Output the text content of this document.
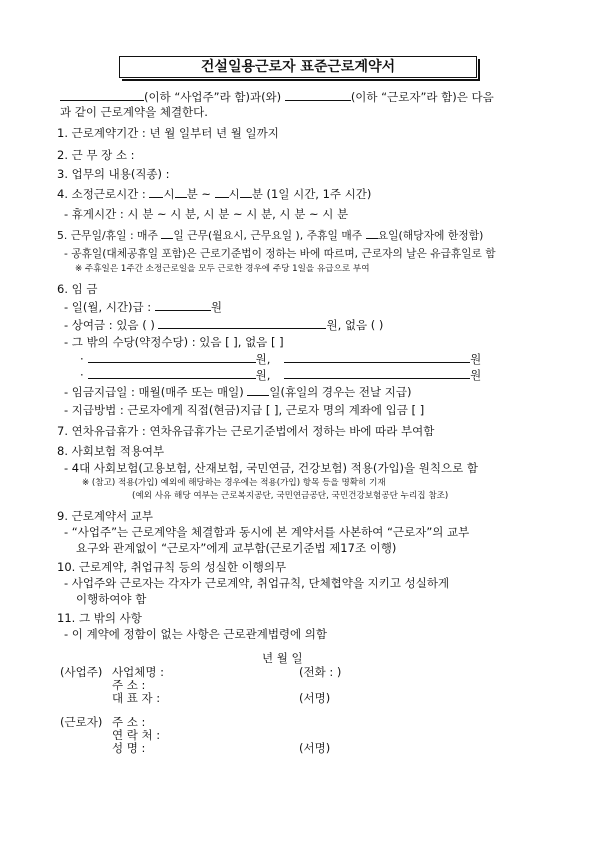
건설일용근로자 표준근로계약서
(이하 “사업주”라 함)과(와)	(이하 “근로자”라 함)은 다음
과 같이 근로계약을 체결한다.
1. 근로계약기간 : 년 월 일부터 년 월 일까지
2. 근 무 장 소 :
3. 업무의 내용(직종) :
4. 소정근로시간 : 시 분 ~ 시 분 (1일 시간, 1주 시간)
- 휴게시간 : 시 분 ~ 시 분, 시 분 ~ 시 분, 시 분 ~ 시 분
5. 근무일/휴일 : 매주 일 근무(월요시, 근무요일 ), 주휴일 매주 요일(해당자에 한정함)
- 공휴일(대체공휴일 포함)은 근로기준법이 정하는 바에 따르며, 근로자의 날은 유급휴일로 함
※ 주휴일은 1주간 소정근로일을 모두 근로한 경우에 주당 1일을 유급으로 부여
6. 임 금
- 일(월, 시간)급 :	원
- 상여금 : 있음 ( )	원, 없음 ( )
- 그 밖의 수당(약정수당) : 있음 [ ], 없음 [ ]
·	원,	원
·	원,	원
- 임금지급일 : 매월(매주 또는 매일) 일(휴일의 경우는 전날 지급)
- 지급방법 : 근로자에게 직접(현금)지급 [ ], 근로자 명의 계좌에 입금 [ ]
7. 연차유급휴가 : 연차유급휴가는 근로기준법에서 정하는 바에 따라 부여함
8. 사회보험 적용여부
- 4대 사회보험(고용보험, 산재보험, 국민연금, 건강보험) 적용(가입)을 원칙으로 함
※ (참고) 적용(가입) 예외에 해당하는 경우에는 적용(가입) 항목 등을 명확히 기재
(예외 사유 해당 여부는 근로복지공단, 국민연금공단, 국민건강보험공단 누리집 참조)
9. 근로계약서 교부
- “사업주”는 근로계약을 체결함과 동시에 본 계약서를 사본하여 “근로자”의 교부
요구와 관계없이 “근로자”에게 교부함(근로기준법 제17조 이행)
10. 근로계약, 취업규칙 등의 성실한 이행의무
- 사업주와 근로자는 각자가 근로계약, 취업규칙, 단체협약을 지키고 성실하게
이행하여야 함
11. 그 밖의 사항
- 이 계약에 정함이 없는 사항은 근로관계법령에 의함
년 월 일
(사업주) 사업체명 :	(전화 : )
주 소 :
대 표 자 :	(서명)
(근로자) 주 소 :
연 락 처 :
성 명 :	(서명)
